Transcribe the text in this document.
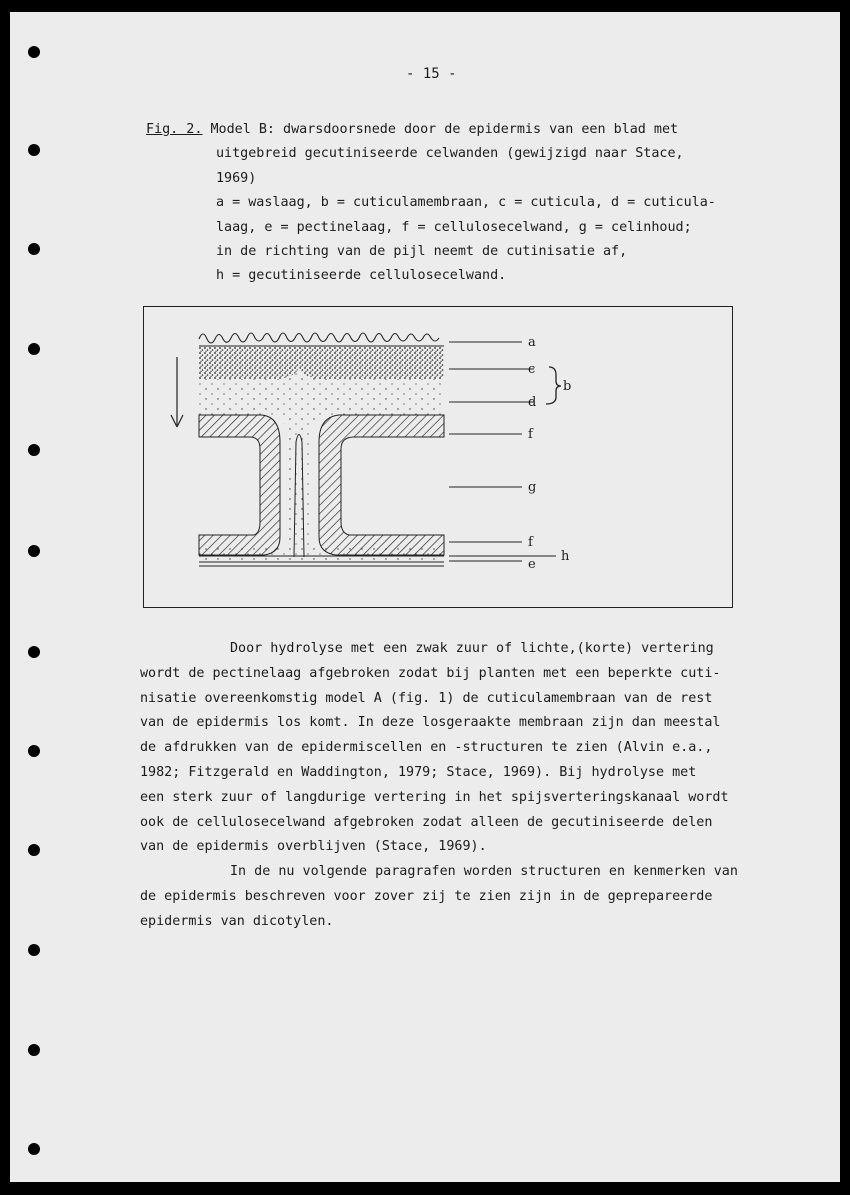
- 15 -
Fig. 2. Model B: dwarsdoorsnede door de epidermis van een blad met
uitgebreid gecutiniseerde celwanden (gewijzigd naar Stace,
1969)
a = waslaag, b = cuticulamembraan, c = cuticula, d = cuticula-
laag, e = pectinelaag, f = cellulosecelwand, g = celinhoud;
in de richting van de pijl neemt de cutinisatie af,
h = gecutiniseerde cellulosecelwand.
a
c
b
d
f
g
f
h
e
Door hydrolyse met een zwak zuur of lichte,(korte) vertering
wordt de pectinelaag afgebroken zodat bij planten met een beperkte cuti-
nisatie overeenkomstig model A (fig. 1) de cuticulamembraan van de rest
van de epidermis los komt. In deze losgeraakte membraan zijn dan meestal
de afdrukken van de epidermiscellen en -structuren te zien (Alvin e.a.,
1982; Fitzgerald en Waddington, 1979; Stace, 1969). Bij hydrolyse met
een sterk zuur of langdurige vertering in het spijsverteringskanaal wordt
ook de cellulosecelwand afgebroken zodat alleen de gecutiniseerde delen
van de epidermis overblijven (Stace, 1969).
In de nu volgende paragrafen worden structuren en kenmerken van
de epidermis beschreven voor zover zij te zien zijn in de geprepareerde
epidermis van dicotylen.
